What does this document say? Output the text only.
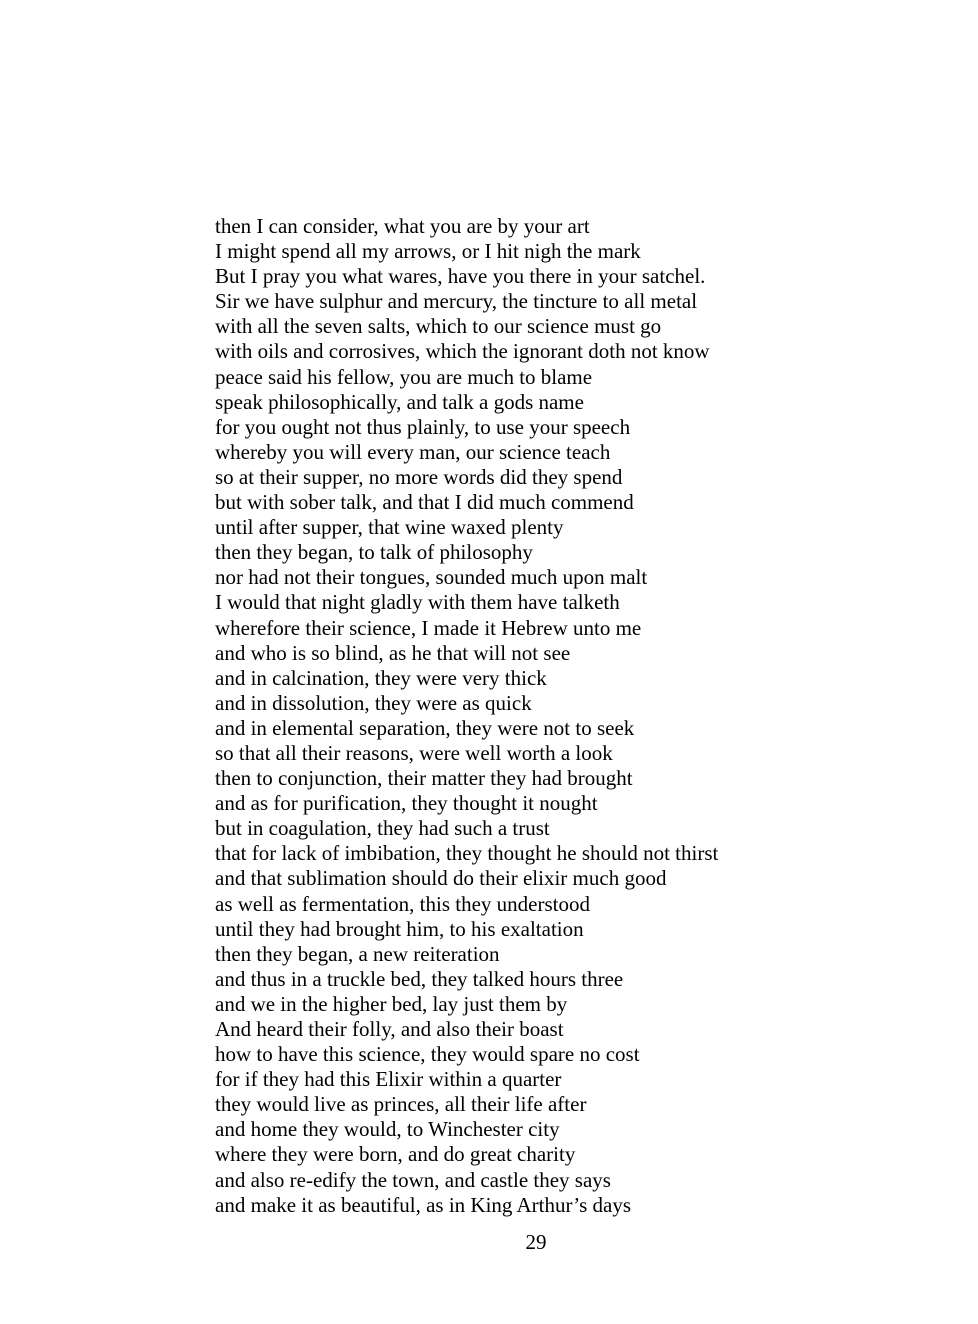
then I can consider, what you are by your art
I might spend all my arrows, or I hit nigh the mark
But I pray you what wares, have you there in your satchel.
Sir we have sulphur and mercury, the tincture to all metal
with all the seven salts, which to our science must go
with oils and corrosives, which the ignorant doth not know
peace said his fellow, you are much to blame
speak philosophically, and talk a gods name
for you ought not thus plainly, to use your speech
whereby you will every man, our science teach
so at their supper, no more words did they spend
but with sober talk, and that I did much commend
until after supper, that wine waxed plenty
then they began, to talk of philosophy
nor had not their tongues, sounded much upon malt
I would that night gladly with them have talketh
wherefore their science, I made it Hebrew unto me
and who is so blind, as he that will not see
and in calcination, they were very thick
and in dissolution, they were as quick
and in elemental separation, they were not to seek
so that all their reasons, were well worth a look
then to conjunction, their matter they had brought
and as for purification, they thought it nought
but in coagulation, they had such a trust
that for lack of imbibation, they thought he should not thirst
and that sublimation should do their elixir much good
as well as fermentation, this they understood
until they had brought him, to his exaltation
then they began, a new reiteration
and thus in a truckle bed, they talked hours three
and we in the higher bed, lay just them by
And heard their folly, and also their boast
how to have this science, they would spare no cost
for if they had this Elixir within a quarter
they would live as princes, all their life after
and home they would, to Winchester city
where they were born, and do great charity
and also re-edify the town, and castle they says
and make it as beautiful, as in King Arthur’s days
29
